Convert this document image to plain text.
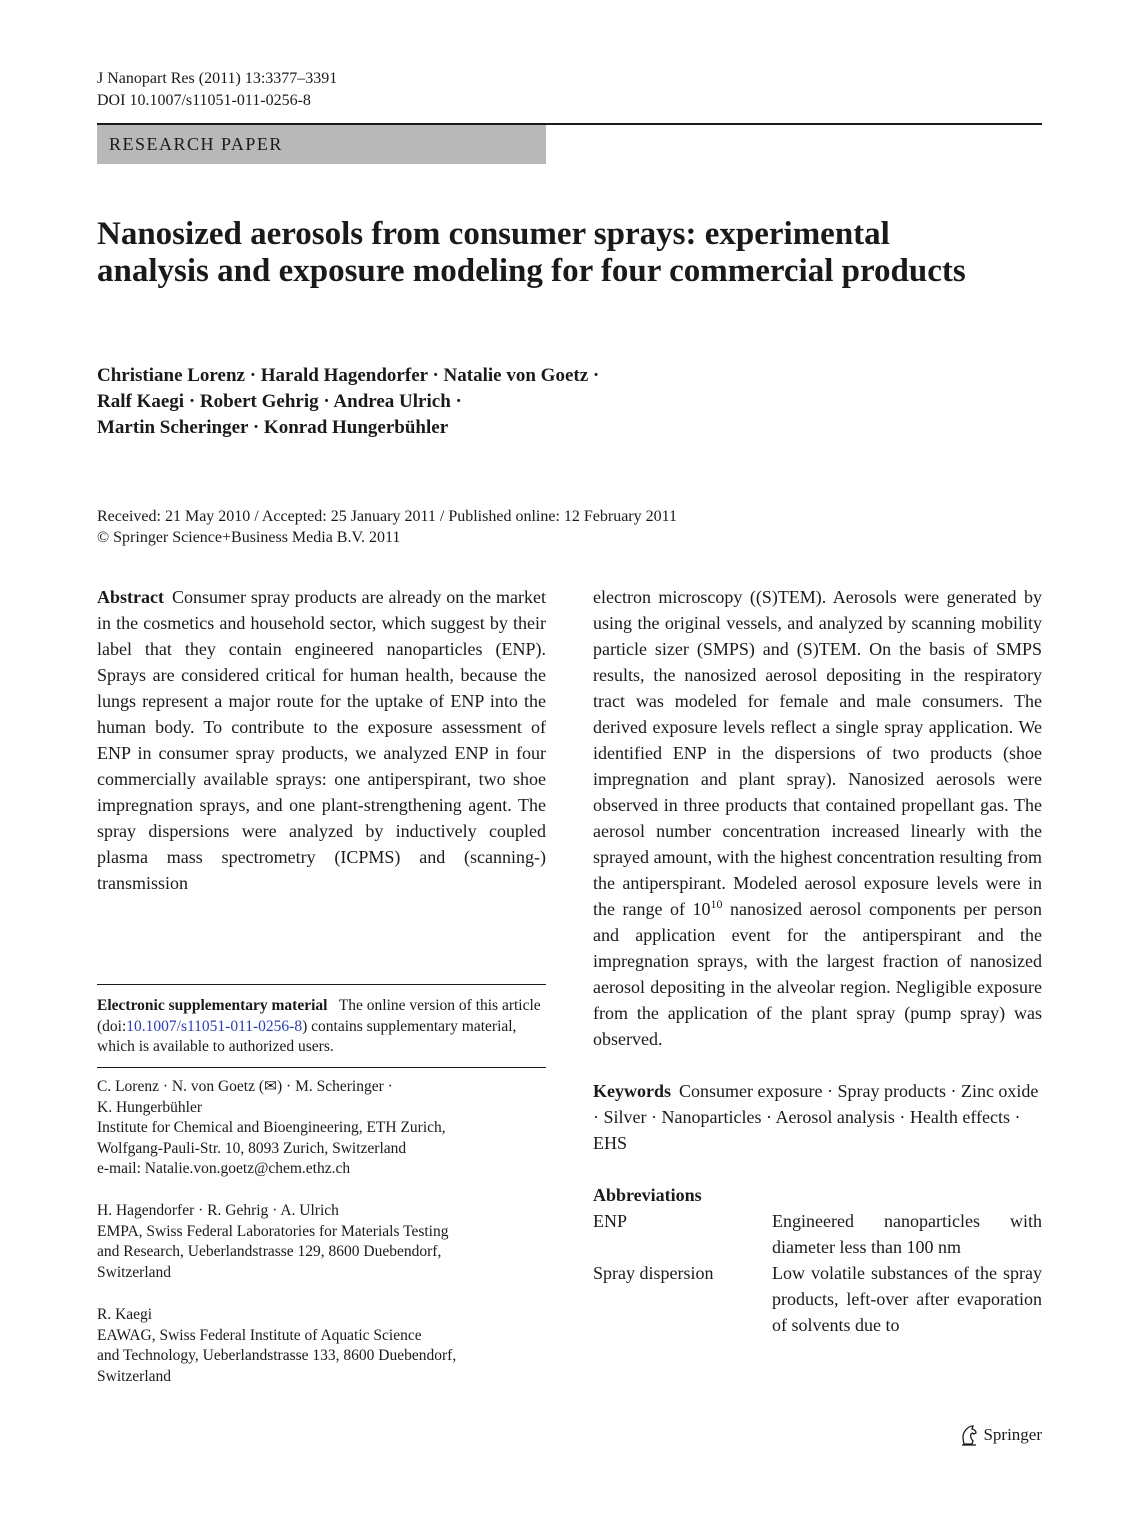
J Nanopart Res (2011) 13:3377–3391
DOI 10.1007/s11051-011-0256-8
RESEARCH PAPER
Nanosized aerosols from consumer sprays: experimental analysis and exposure modeling for four commercial products
Christiane Lorenz · Harald Hagendorfer · Natalie von Goetz ·
Ralf Kaegi · Robert Gehrig · Andrea Ulrich ·
Martin Scheringer · Konrad Hungerbühler
Received: 21 May 2010 / Accepted: 25 January 2011 / Published online: 12 February 2011
© Springer Science+Business Media B.V. 2011

Abstract Consumer spray products are already on the market in the cosmetics and household sector, which suggest by their label that they contain engineered nanoparticles (ENP). Sprays are considered critical for human health, because the lungs represent a major route for the uptake of ENP into the human body. To contribute to the exposure assessment of ENP in consumer spray products, we analyzed ENP in four commercially available sprays: one antiperspirant, two shoe impregnation sprays, and one plant-strengthening agent. The spray dispersions were analyzed by inductively coupled plasma mass spectrometry (ICPMS) and (scanning-) transmission

Electronic supplementary material The online version of this article (doi:10.1007/s11051-011-0256-8) contains supplementary material, which is available to authorized users.

C. Lorenz · N. von Goetz (✉) · M. Scheringer ·

K. Hungerbühler

Institute for Chemical and Bioengineering, ETH Zurich,

Wolfgang-Pauli-Str. 10, 8093 Zurich, Switzerland

e-mail: Natalie.von.goetz@chem.ethz.ch

H. Hagendorfer · R. Gehrig · A. Ulrich

EMPA, Swiss Federal Laboratories for Materials Testing

and Research, Ueberlandstrasse 129, 8600 Duebendorf,

Switzerland

R. Kaegi

EAWAG, Swiss Federal Institute of Aquatic Science

and Technology, Ueberlandstrasse 133, 8600 Duebendorf,

Switzerland

electron microscopy ((S)TEM). Aerosols were generated by using the original vessels, and analyzed by scanning mobility particle sizer (SMPS) and (S)TEM. On the basis of SMPS results, the nanosized aerosol depositing in the respiratory tract was modeled for female and male consumers. The derived exposure levels reflect a single spray application. We identified ENP in the dispersions of two products (shoe impregnation and plant spray). Nanosized aerosols were observed in three products that contained propellant gas. The aerosol number concentration increased linearly with the sprayed amount, with the highest concentration resulting from the antiperspirant. Modeled aerosol exposure levels were in the range of $10^{10}$ nanosized aerosol components per person and application event for the antiperspirant and the impregnation sprays, with the largest fraction of nanosized aerosol depositing in the alveolar region. Negligible exposure from the application of the plant spray (pump spray) was observed.

Keywords Consumer exposure · Spray products · Zinc oxide · Silver · Nanoparticles · Aerosol analysis · Health effects · EHS

Abbreviations

ENP	Engineered nanoparticles with diameter less than 100 nm
Spray dispersion	Low volatile substances of the spray products, left-over after evaporation of solvents due to
Springer
